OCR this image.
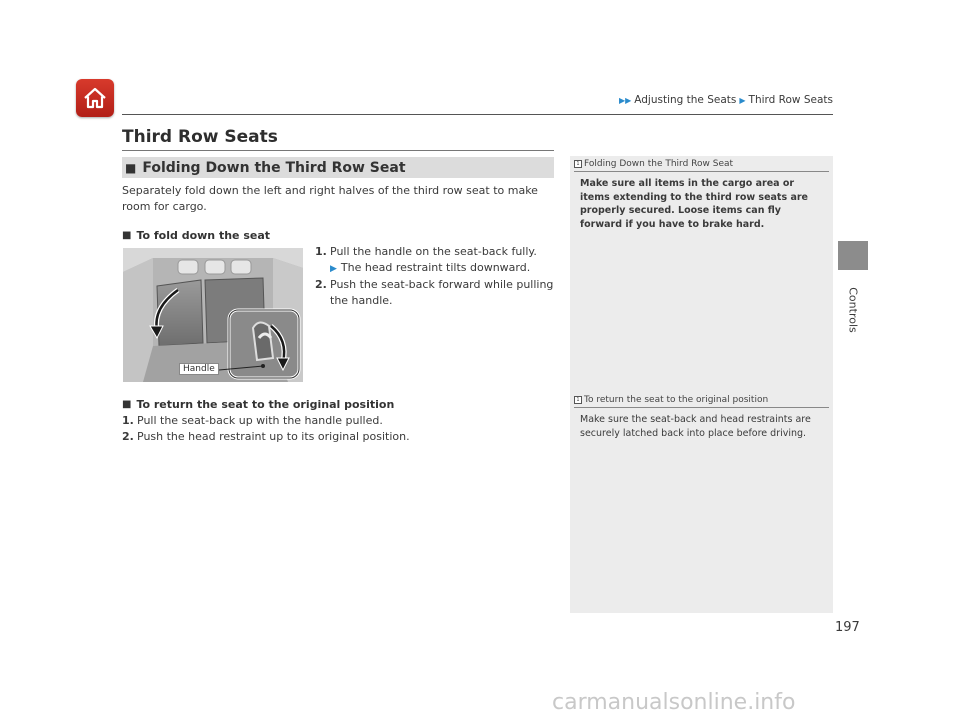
▶▶ Adjusting the Seats ▶ Third Row Seats
Controls
Third Row Seats
■ Folding Down the Third Row Seat

Separately fold down the left and right halves of the third row seat to make room for cargo.

■ To fold down the seat
1. Pull the handle on the seat-back fully.
▶ The head restraint tilts downward.
2. Push the seat-back forward while pulling the handle.
Handle
■ To return the seat to the original position
1. Pull the seat-back up with the handle pulled.
2. Push the head restraint up to its original position.
1 Folding Down the Third Row Seat

Make sure all items in the cargo area or items extending to the third row seats are properly secured. Loose items can fly forward if you have to brake hard.

1 To return the seat to the original position

Make sure the seat-back and head restraints are securely latched back into place before driving.

197
carmanualsonline.info
